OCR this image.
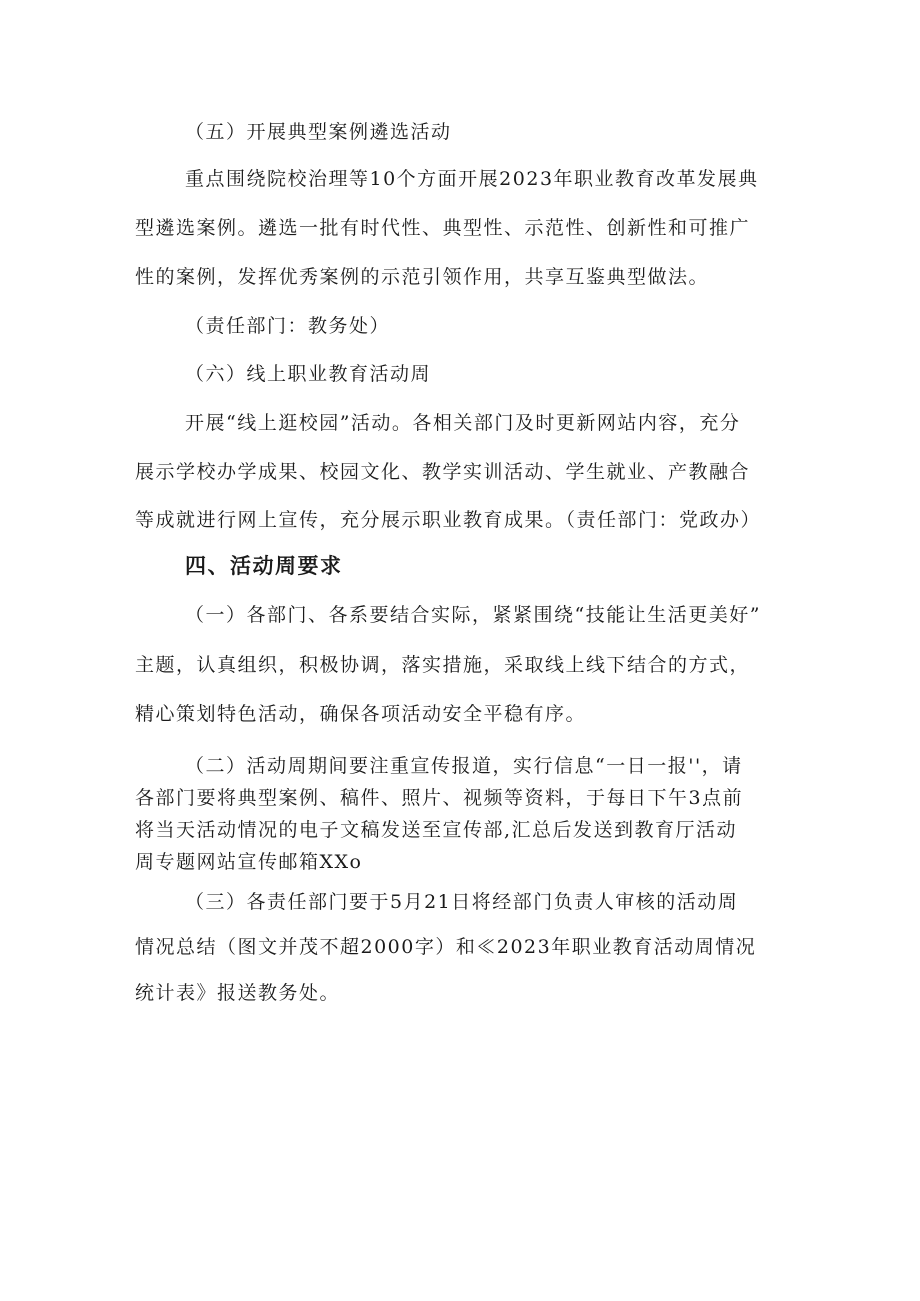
（五）开展典型案例遴选活动
重点围绕院校治理等10个方面开展2023年职业教育改革发展典
型遴选案例。遴选一批有时代性、典型性、示范性、创新性和可推广
性的案例，发挥优秀案例的示范引领作用，共享互鉴典型做法。
（责任部门：教务处）
（六）线上职业教育活动周
开展“线上逛校园”活动。各相关部门及时更新网站内容，充分
展示学校办学成果、校园文化、教学实训活动、学生就业、产教融合
等成就进行网上宣传，充分展示职业教育成果。（责任部门：党政办）
四、活动周要求
（一）各部门、各系要结合实际，紧紧围绕“技能让生活更美好”
主题，认真组织，积极协调，落实措施，采取线上线下结合的方式，
精心策划特色活动，确保各项活动安全平稳有序。
（二）活动周期间要注重宣传报道，实行信息“一日一报''，请
各部门要将典型案例、稿件、照片、视频等资料，于每日下午3点前
将当天活动情况的电子文稿发送至宣传部,汇总后发送到教育厅活动
周专题网站宣传邮箱XXo
（三）各责任部门要于5月21日将经部门负责人审核的活动周
情况总结（图文并茂不超2000字）和≪2023年职业教育活动周情况
统计表》报送教务处。
